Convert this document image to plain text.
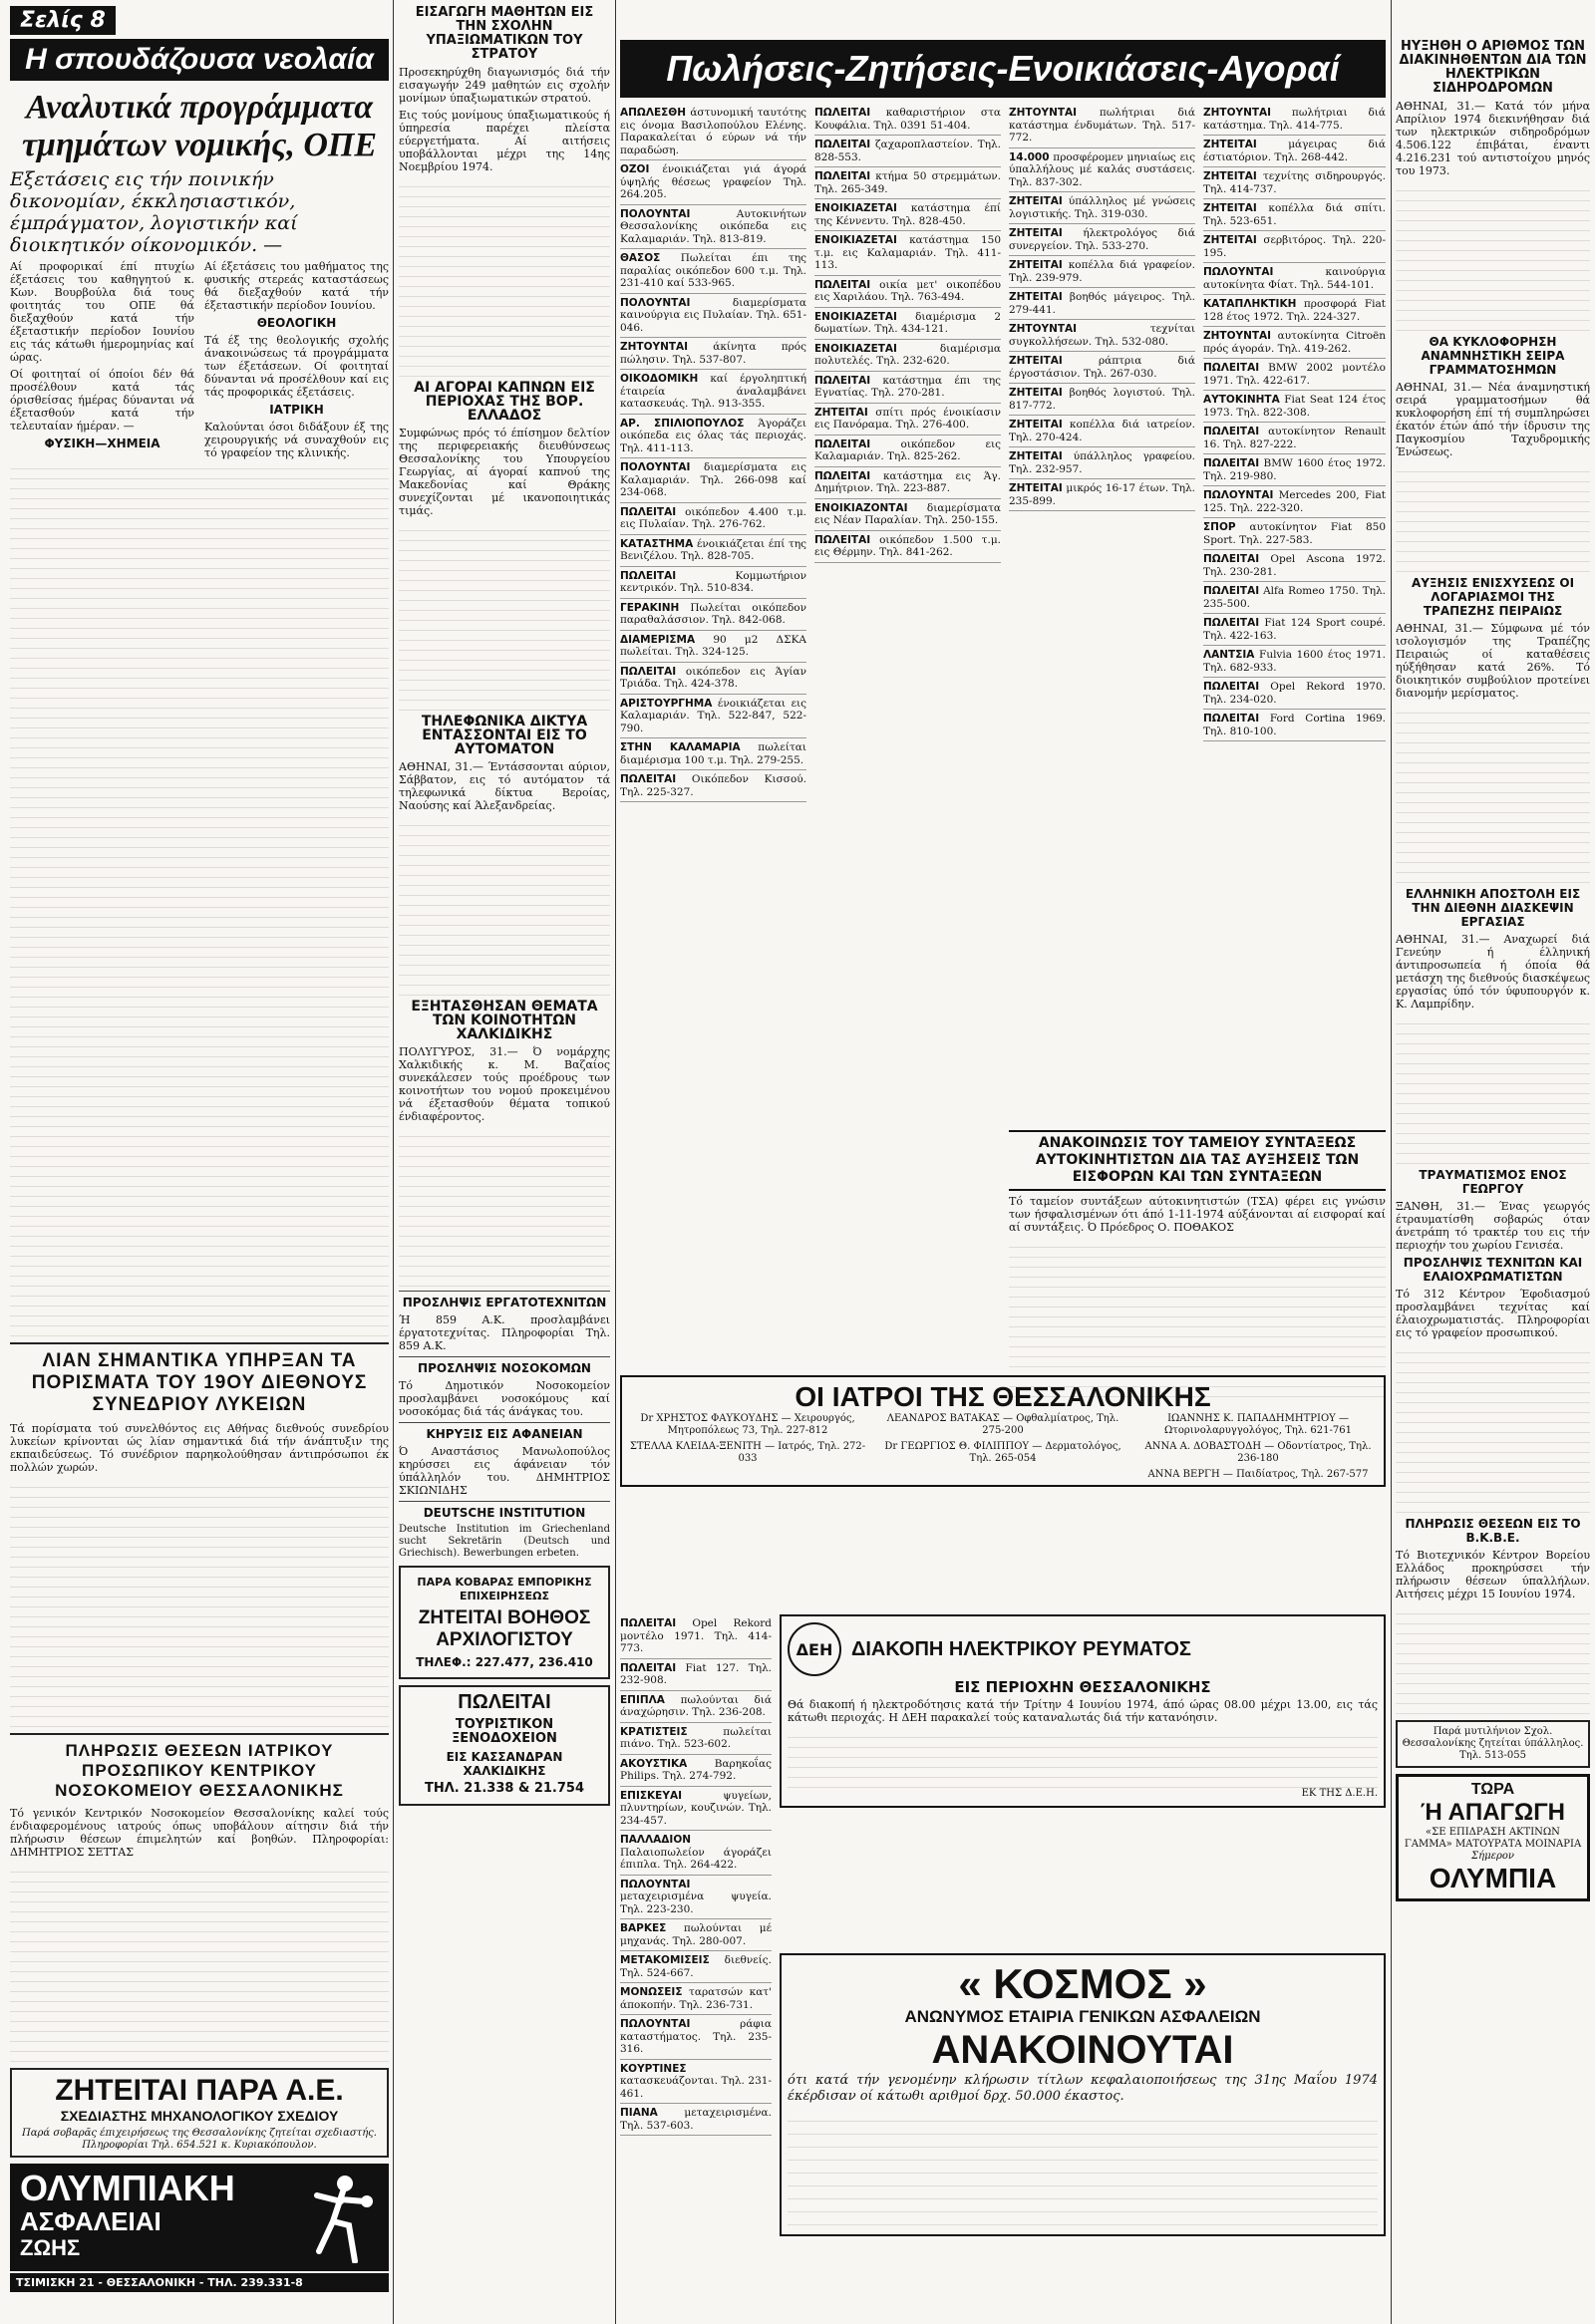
Σελίς 8
Η σπουδάζουσα νεολαία
Αναλυτικά προγράμματα τμημάτων νομικής, ΟΠΕ
Εξετάσεις εις τήν ποινικήν δικονομίαν, έκκλησιαστικόν, έμπράγματον, λογιστικήν καί διοικητικόν οίκονομικόν. —

Αί προφορικαί έπί πτυχίω έξετάσεις του καθηγητού κ. Κων. Βουρβούλα διά τους φοιτητάς του ΟΠΕ θά διεξαχθούν κατά τήν έξεταστικήν περίοδον Ιουνίου εις τάς κάτωθι ήμερομηνίας καί ώρας.

Οί φοιτηταί οί όποίοι δέν θά προσέλθουν κατά τάς όρισθείσας ήμέρας δύνανται νά έξετασθούν κατά τήν τελευταίαν ήμέραν. —

ΦΥΣΙΚΗ—ΧΗΜΕΙΑ

Αί έξετάσεις του μαθήματος της φυσικής στερεάς καταστάσεως θά διεξαχθούν κατά τήν έξεταστικήν περίοδον Ιουνίου.

ΘΕΟΛΟΓΙΚΗ

Τά έξ της θεολογικής σχολής άνακοινώσεως τά προγράμματα των έξετάσεων. Οί φοιτηταί δύνανται νά προσέλθουν καί εις τάς προφορικάς έξετάσεις.

ΙΑΤΡΙΚΗ

Καλούνται όσοι διδάξουν έξ της χειρουργικής νά συναχθούν εις τό γραφείον της κλινικής.

ΛΙΑΝ ΣΗΜΑΝΤΙΚΑ ΥΠΗΡΞΑΝ ΤΑ ΠΟΡΙΣΜΑΤΑ ΤΟΥ 19ΟΥ ΔΙΕΘΝΟΥΣ ΣΥΝΕΔΡΙΟΥ ΛΥΚΕΙΩΝ

Τά πορίσματα τού συνελθόντος εις Αθήνας διεθνούς συνεδρίου λυκείων κρίνονται ώς λίαν σημαντικά διά τήν άνάπτυξιν της εκπαιδεύσεως. Τό συνέδριον παρηκολούθησαν άντιπρόσωποι έκ πολλών χωρών.

ΠΛΗΡΩΣΙΣ ΘΕΣΕΩΝ ΙΑΤΡΙΚΟΥ ΠΡΟΣΩΠΙΚΟΥ ΚΕΝΤΡΙΚΟΥ ΝΟΣΟΚΟΜΕΙΟΥ ΘΕΣΣΑΛΟΝΙΚΗΣ

Τό γενικόν Κεντρικόν Νοσοκομείον Θεσσαλονίκης καλεί τούς ένδιαφερομένους ιατρούς όπως υποβάλουν αίτησιν διά τήν πλήρωσιν θέσεων έπιμελητών καί βοηθών. Πληροφορίαι: ΔΗΜΗΤΡΙΟΣ ΣΕΤΤΑΣ

ΖΗΤΕΙΤΑΙ ΠΑΡΑ Α.Ε.
ΣΧΕΔΙΑΣΤΗΣ ΜΗΧΑΝΟΛΟΓΙΚΟΥ ΣΧΕΔΙΟΥ
Παρά σοβαρᾶς έπιχειρήσεως της Θεσσαλονίκης ζητείται σχεδιαστής. Πληροφορίαι Τηλ. 654.521 κ. Κυριακόπουλον.
ΟΛΥΜΠΙΑΚΗ
ΑΣΦΑΛΕΙΑΙ
ΖΩΗΣ
ΤΣΙΜΙΣΚΗ 21 - ΘΕΣΣΑΛΟΝΙΚΗ - ΤΗΛ. 239.331-8
ΕΙΣΑΓΩΓΗ ΜΑΘΗΤΩΝ ΕΙΣ ΤΗΝ ΣΧΟΛΗΝ ΥΠΑΞΙΩΜΑΤΙΚΩΝ ΤΟΥ ΣΤΡΑΤΟΥ

Προσεκηρύχθη διαγωνισμός διά τήν εισαγωγήν 249 μαθητών εις σχολήν μονίμων ύπαξιωματικών στρατού.

Εις τούς μονίμους ύπαξιωματικούς ή ύπηρεσία παρέχει πλείστα εύεργετήματα. Αί αιτήσεις υποβάλλονται μέχρι της 14ης Νοεμβρίου 1974.

ΑΙ ΑΓΟΡΑΙ ΚΑΠΝΩΝ ΕΙΣ ΠΕΡΙΟΧΑΣ ΤΗΣ ΒΟΡ. ΕΛΛΑΔΟΣ

Συμφώνως πρός τό έπίσημον δελτίον της περιφερειακής διευθύνσεως Θεσσαλονίκης του Υπουργείου Γεωργίας, αί άγοραί καπνού της Μακεδονίας καί Θράκης συνεχίζονται μέ ικανοποιητικάς τιμάς.

ΤΗΛΕΦΩΝΙΚΑ ΔΙΚΤΥΑ ΕΝΤΑΣΣΟΝΤΑΙ ΕΙΣ ΤΟ ΑΥΤΟΜΑΤΟΝ

ΑΘΗΝΑΙ, 31.— Έντάσσονται αύριον, Σάββατον, εις τό αυτόματον τά τηλεφωνικά δίκτυα Βεροίας, Ναούσης καί Άλεξανδρείας.

ΕΞΗΤΑΣΘΗΣΑΝ ΘΕΜΑΤΑ ΤΩΝ ΚΟΙΝΟΤΗΤΩΝ ΧΑΛΚΙΔΙΚΗΣ

ΠΟΛΥΓΥΡΟΣ, 31.— Ό νομάρχης Χαλκιδικής κ. Μ. Βαζαίος συνεκάλεσεν τούς προέδρους των κοινοτήτων του νομού προκειμένου νά έξετασθούν θέματα τοπικού ένδιαφέροντος.

ΠΡΟΣΛΗΨΙΣ ΕΡΓΑΤΟΤΕΧΝΙΤΩΝ

Ή 859 Α.Κ. προσλαμβάνει έργατοτεχνίτας. Πληροφορίαι Τηλ. 859 Α.Κ.

ΠΡΟΣΛΗΨΙΣ ΝΟΣΟΚΟΜΩΝ

Τό Δημοτικόν Νοσοκομείον προσλαμβάνει νοσοκόμους καί νοσοκόμας διά τάς άνάγκας του.

ΚΗΡΥΞΙΣ ΕΙΣ ΑΦΑΝΕΙΑΝ

Ό Αναστάσιος Μανωλοπούλος κηρύσσει εις άφάνειαν τόν ύπάλληλόν του. ΔΗΜΗΤΡΙΟΣ ΣΚΙΩΝΙΔΗΣ

DEUTSCHE INSTITUTION

Deutsche Institution im Griechenland sucht Sekretärin (Deutsch und Griechisch). Bewerbungen erbeten.

ΠΑΡΑ ΚΟΒΑΡΑΣ ΕΜΠΟΡΙΚΗΣ ΕΠΙΧΕΙΡΗΣΕΩΣ
ΖΗΤΕΙΤΑΙ ΒΟΗΘΟΣ ΑΡΧΙΛΟΓΙΣΤΟΥ
ΤΗΛΕΦ.: 227.477, 236.410
ΠΩΛΕΙΤΑΙ
ΤΟΥΡΙΣΤΙΚΟΝ ΞΕΝΟΔΟΧΕΙΟΝ
ΕΙΣ ΚΑΣΣΑΝΔΡΑΝ ΧΑΛΚΙΔΙΚΗΣ
ΤΗΛ. 21.338 & 21.754
Πωλήσεις-Ζητήσεις-Ενοικιάσεις-Αγοραί

ΑΠΩΛΕΣΘΗ άστυνομική ταυτότης εις όνομα Βασιλοπούλου Ελένης. Παρακαλείται ό εύρων νά τήν παραδώση.

ΟΖΟΙ ένοικιάζεται γιά άγορά ύψηλής θέσεως γραφείον Τηλ. 264.205.

ΠΟΛΟΥΝΤΑΙ	Αυτοκινήτων Θεσσαλονίκης οικόπεδα εις Καλαμαριάν. Τηλ. 813-819.

ΘΑΣΟΣ Πωλείται έπι της παραλίας οικόπεδον 600 τ.μ. Τηλ. 231-410 καί 533-965.

ΠΟΛΟΥΝΤΑΙ	διαμερίσματα καινούργια εις Πυλαίαν. Τηλ. 651-046.

ΖΗΤΟΥΝΤΑΙ άκίνητα πρός πώλησιν. Τηλ. 537-807.

ΟΙΚΟΔΟΜΙΚΗ καί έργοληπτική έταιρεία άναλαμβάνει κατασκευάς. Τηλ. 913-355.

ΑΡ. ΣΠΙΛΙΟΠΟΥΛΟΣ Άγοράζει οικόπεδα εις όλας τάς περιοχάς. Τηλ. 411-113.

ΠΟΛΟΥΝΤΑΙ διαμερίσματα εις Καλαμαριάν. Τηλ. 266-098 καί 234-068.

ΠΩΛΕΙΤΑΙ οικόπεδον 4.400 τ.μ. εις Πυλαίαν. Τηλ. 276-762.

ΚΑΤΑΣΤΗΜΑ ένοικιάζεται έπί της Βενιζέλου. Τηλ. 828-705.

ΠΩΛΕΙΤΑΙ	Κομμωτήριον κεντρικόν. Τηλ. 510-834.

ΓΕΡΑΚΙΝΗ Πωλείται οικόπεδον παραθαλάσσιον. Τηλ. 842-068.

ΔΙΑΜΕΡΙΣΜΑ 90 μ2 ΔΣΚΑ πωλείται. Τηλ. 324-125.

ΠΩΛΕΙΤΑΙ οικόπεδον εις Άγίαν Τριάδα. Τηλ. 424-378.

ΑΡΙΣΤΟΥΡΓΗΜΑ ένοικιάζεται εις Καλαμαριάν. Τηλ. 522-847, 522-790.

ΣΤΗΝ ΚΑΛΑΜΑΡΙΑ πωλείται διαμέρισμα 100 τ.μ. Τηλ. 279-255.

ΠΩΛΕΙΤΑΙ Οικόπεδον Κισσού. Τηλ. 225-327.

ΠΩΛΕΙΤΑΙ καθαριστήριον στα Κουφάλια. Τηλ. 0391 51-404.

ΠΩΛΕΙΤΑΙ ζαχαροπλαστείον. Τηλ. 828-553.

ΠΩΛΕΙΤΑΙ κτήμα 50 στρεμμάτων. Τηλ. 265-349.

ΕΝΟΙΚΙΑΖΕΤΑΙ κατάστημα έπί της Κέννεντυ. Τηλ. 828-450.

ΕΝΟΙΚΙΑΖΕΤΑΙ κατάστημα 150 τ.μ. εις Καλαμαριάν. Τηλ. 411-113.

ΠΩΛΕΙΤΑΙ οικία μετ' οικοπέδου εις Χαριλάου. Τηλ. 763-494.

ΕΝΟΙΚΙΑΖΕΤΑΙ διαμέρισμα 2 δωματίων. Τηλ. 434-121.

ΕΝΟΙΚΙΑΖΕΤΑΙ	διαμέρισμα πολυτελές. Τηλ. 232-620.

ΠΩΛΕΙΤΑΙ κατάστημα έπι της Εγνατίας. Τηλ. 270-281.

ΖΗΤΕΙΤΑΙ σπίτι πρός ένοικίασιν εις Πανόραμα. Τηλ. 276-400.

ΠΩΛΕΙΤΑΙ	οικόπεδον εις Καλαμαριάν. Τηλ. 825-262.

ΠΩΛΕΙΤΑΙ κατάστημα εις Άγ. Δημήτριον. Τηλ. 223-887.

ΕΝΟΙΚΙΑΖΟΝΤΑΙ διαμερίσματα εις Νέαν Παραλίαν. Τηλ. 250-155.

ΠΩΛΕΙΤΑΙ οικόπεδον 1.500 τ.μ. εις Θέρμην. Τηλ. 841-262.

ΖΗΤΟΥΝΤΑΙ πωλήτριαι διά κατάστημα ένδυμάτων. Τηλ. 517-772.

14.000 προσφέρομεν μηνιαίως εις ύπαλλήλους μέ καλάς συστάσεις. Τηλ. 837-302.

ΖΗΤΕΙΤΑΙ ύπάλληλος μέ γνώσεις λογιστικής. Τηλ. 319-030.

ΖΗΤΕΙΤΑΙ ήλεκτρολόγος διά συνεργείον. Τηλ. 533-270.

ΖΗΤΕΙΤΑΙ κοπέλλα διά γραφείον. Τηλ. 239-979.

ΖΗΤΕΙΤΑΙ βοηθός μάγειρος. Τηλ. 279-441.

ΖΗΤΟΥΝΤΑΙ	τεχνίται συγκολλήσεων. Τηλ. 532-080.

ΖΗΤΕΙΤΑΙ	ράπτρια διά έργοστάσιον. Τηλ. 267-030.

ΖΗΤΕΙΤΑΙ βοηθός λογιστού. Τηλ. 817-772.

ΖΗΤΕΙΤΑΙ κοπέλλα διά ιατρείον. Τηλ. 270-424.

ΖΗΤΕΙΤΑΙ ύπάλληλος γραφείου. Τηλ. 232-957.

ΖΗΤΕΙΤΑΙ μικρός 16-17 έτων. Τηλ. 235-899.

ΖΗΤΟΥΝΤΑΙ πωλήτριαι διά κατάστημα. Τηλ. 414-775.

ΖΗΤΕΙΤΑΙ	μάγειρας διά έστιατόριον. Τηλ. 268-442.

ΖΗΤΕΙΤΑΙ τεχνίτης σιδηρουργός. Τηλ. 414-737.

ΖΗΤΕΙΤΑΙ κοπέλλα διά σπίτι. Τηλ. 523-651.

ΖΗΤΕΙΤΑΙ σερβιτόρος. Τηλ. 220-195.

ΠΩΛΟΥΝΤΑΙ	καινούργια αυτοκίνητα Φίατ. Τηλ. 544-101.

ΚΑΤΑΠΛΗΚΤΙΚΗ προσφορά Fiat 128 έτος 1972. Τηλ. 224-327.

ΖΗΤΟΥΝΤΑΙ αυτοκίνητα Citroën πρός άγοράν. Τηλ. 419-262.

ΠΩΛΕΙΤΑΙ BMW 2002 μοντέλο 1971. Τηλ. 422-617.

ΑΥΤΟΚΙΝΗΤΑ Fiat Seat 124 έτος 1973. Τηλ. 822-308.

ΠΩΛΕΙΤΑΙ αυτοκίνητον Renault 16. Τηλ. 827-222.

ΠΩΛΕΙΤΑΙ BMW 1600 έτος 1972. Τηλ. 219-980.

ΠΩΛΟΥΝΤΑΙ Mercedes 200, Fiat 125. Τηλ. 222-320.

ΣΠΟΡ αυτοκίνητον Fiat 850 Sport. Τηλ. 227-583.

ΠΩΛΕΙΤΑΙ Opel Ascona 1972. Τηλ. 230-281.

ΠΩΛΕΙΤΑΙ Alfa Romeo 1750. Τηλ. 235-500.

ΠΩΛΕΙΤΑΙ Fiat 124 Sport coupé. Τηλ. 422-163.

ΛΑΝΤΣΙΑ Fulvia 1600 έτος 1971. Τηλ. 682-933.

ΠΩΛΕΙΤΑΙ Opel Rekord 1970. Τηλ. 234-020.

ΠΩΛΕΙΤΑΙ Ford Cortina 1969. Τηλ. 810-100.

ΑΝΑΚΟΙΝΩΣΙΣ ΤΟΥ ΤΑΜΕΙΟΥ ΣΥΝΤΑΞΕΩΣ ΑΥΤΟΚΙΝΗΤΙΣΤΩΝ ΔΙΑ ΤΑΣ ΑΥΞΗΣΕΙΣ ΤΩΝ ΕΙΣΦΟΡΩΝ ΚΑΙ ΤΩΝ ΣΥΝΤΑΞΕΩΝ

Τό ταμείον συντάξεων αύτοκινητιστών (ΤΣΑ) φέρει εις γνώσιν των ήσφαλισμένων ότι άπό 1-11-1974 αύξάνονται αί εισφοραί καί αί συντάξεις. Ό Πρόεδρος Ο. ΠΟΘΑΚΟΣ

ΟΙ ΙΑΤΡΟΙ ΤΗΣ ΘΕΣΣΑΛΟΝΙΚΗΣ

Dr ΧΡΗΣΤΟΣ ΦΑΥΚΟΥΔΗΣ — Χειρουργός, Μητροπόλεως 73, Τηλ. 227-812

ΣΤΕΛΛΑ ΚΛΕΙΔΑ-ΞΕΝΙΤΗ — Ιατρός, Τηλ. 272-033

ΛΕΑΝΔΡΟΣ ΒΑΤΑΚΑΣ — Οφθαλμίατρος, Τηλ. 275-200

Dr ΓΕΩΡΓΙΟΣ Θ. ΦΙΛΙΠΠΟΥ — Δερματολόγος, Τηλ. 265-054

ΙΩΑΝΝΗΣ Κ. ΠΑΠΑΔΗΜΗΤΡΙΟΥ — Ωτορινολαρυγγολόγος, Τηλ. 621-761

ΑΝΝΑ Α. ΔΟΒΑΣΤΟΔΗ — Οδοντίατρος, Τηλ. 236-180

ΑΝΝΑ ΒΕΡΓΗ — Παιδίατρος, Τηλ. 267-577

ΔΕΗ ΔΙΑΚΟΠΗ ΗΛΕΚΤΡΙΚΟΥ ΡΕΥΜΑΤΟΣ
ΕΙΣ ΠΕΡΙΟΧΗΝ ΘΕΣΣΑΛΟΝΙΚΗΣ

Θά διακοπή ή ηλεκτροδότησις κατά τήν Τρίτην 4 Ιουνίου 1974, άπό ώρας 08.00 μέχρι 13.00, εις τάς κάτωθι περιοχάς. Η ΔΕΗ παρακαλεί τούς καταναλωτάς διά τήν κατανόησιν.

ΕΚ ΤΗΣ Δ.Ε.Η.
« ΚΟΣΜΟΣ »
ΑΝΩΝΥΜΟΣ ΕΤΑΙΡΙΑ ΓΕΝΙΚΩΝ ΑΣΦΑΛΕΙΩΝ
ΑΝΑΚΟΙΝΟΥΤΑΙ

ότι κατά τήν γενομένην κλήρωσιν τίτλων κεφαλαιοποιήσεως της 31ης Μαΐου 1974 έκέρδισαν οί κάτωθι αριθμοί δρχ. 50.000 έκαστος.

ΠΩΛΕΙΤΑΙ Opel Rekord μοντέλο 1971. Τηλ. 414-773.

ΠΩΛΕΙΤΑΙ Fiat 127. Τηλ. 232-908.

ΕΠΙΠΛΑ πωλούνται διά άναχώρησιν. Τηλ. 236-208.

ΚΡΑΤΙΣΤΕΙΣ	πωλείται πιάνο. Τηλ. 523-602.

ΑΚΟΥΣΤΙΚΑ	Βαρηκοΐας Philips. Τηλ. 274-792.

ΕΠΙΣΚΕΥΑΙ	ψυγείων, πλυντηρίων, κουζινών. Τηλ. 234-457.

ΠΑΛΛΑΔΙΟΝ Παλαιοπωλείον άγοράζει έπιπλα. Τηλ. 264-422.

ΠΩΛΟΥΝΤΑΙ μεταχειρισμένα ψυγεία. Τηλ. 223-230.

ΒΑΡΚΕΣ πωλούνται μέ μηχανάς. Τηλ. 280-007.

ΜΕΤΑΚΟΜΙΣΕΙΣ διεθνείς. Τηλ. 524-667.

ΜΟΝΩΣΕΙΣ ταρατσών κατ' άποκοπήν. Τηλ. 236-731.

ΠΩΛΟΥΝΤΑΙ	ράφια καταστήματος. Τηλ. 235-316.

ΚΟΥΡΤΙΝΕΣ κατασκευάζονται. Τηλ. 231-461.

ΠΙΑΝΑ	μεταχειρισμένα. Τηλ. 537-603.

ΗΥΞΗΘΗ Ο ΑΡΙΘΜΟΣ ΤΩΝ ΔΙΑΚΙΝΗΘΕΝΤΩΝ ΔΙΑ ΤΩΝ ΗΛΕΚΤΡΙΚΩΝ ΣΙΔΗΡΟΔΡΟΜΩΝ

ΑΘΗΝΑΙ, 31.— Κατά τόν μήνα Απρίλιον 1974 διεκινήθησαν διά των ηλεκτρικών σιδηροδρόμων 4.506.122 έπιβάται, έναντι 4.216.231 τού αντιστοίχου μηνός του 1973.

ΘΑ ΚΥΚΛΟΦΟΡΗΣΗ ΑΝΑΜΝΗΣΤΙΚΗ ΣΕΙΡΑ ΓΡΑΜΜΑΤΟΣΗΜΩΝ

ΑΘΗΝΑΙ, 31.— Νέα άναμνηστική σειρά γραμματοσήμων θά κυκλοφορήση έπί τή συμπληρώσει έκατόν έτών άπό τήν ίδρυσιν της Παγκοσμίου Ταχυδρομικής Ένώσεως.

ΑΥΞΗΣΙΣ ΕΝΙΣΧΥΣΕΩΣ ΟΙ ΛΟΓΑΡΙΑΣΜΟΙ ΤΗΣ ΤΡΑΠΕΖΗΣ ΠΕΙΡΑΙΩΣ

ΑΘΗΝΑΙ, 31.— Σύμφωνα μέ τόν ισολογισμόν της Τραπέζης Πειραιώς οί καταθέσεις ηύξήθησαν κατά 26%. Τό διοικητικόν συμβούλιον προτείνει διανομήν μερίσματος.

ΕΛΛΗΝΙΚΗ ΑΠΟΣΤΟΛΗ ΕΙΣ ΤΗΝ ΔΙΕΘΝΗ ΔΙΑΣΚΕΨΙΝ ΕΡΓΑΣΙΑΣ

ΑΘΗΝΑΙ, 31.— Αναχωρεί διά Γενεύην ή έλληνική άντιπροσωπεία ή όποία θά μετάσχη της διεθνούς διασκέψεως εργασίας ύπό τόν ύφυπουργόν κ. Κ. Λαμπρίδην.

ΤΡΑΥΜΑΤΙΣΜΟΣ ΕΝΟΣ ΓΕΩΡΓΟΥ

ΞΑΝΘΗ, 31.— Ένας γεωργός έτραυματίσθη σοβαρώς όταν άνετράπη τό τρακτέρ του εις τήν περιοχήν του χωρίου Γενισέα.

ΠΡΟΣΛΗΨΙΣ ΤΕΧΝΙΤΩΝ ΚΑΙ ΕΛΑΙΟΧΡΩΜΑΤΙΣΤΩΝ

Τό 312 Κέντρον Έφοδιασμού προσλαμβάνει τεχνίτας καί έλαιοχρωματιστάς. Πληροφορίαι εις τό γραφείον προσωπικού.

ΠΛΗΡΩΣΙΣ ΘΕΣΕΩΝ ΕΙΣ ΤΟ Β.Κ.Β.Ε.

Τό Βιοτεχνικόν Κέντρον Βορείου Ελλάδος προκηρύσσει τήν πλήρωσιν θέσεων ύπαλλήλων. Αιτήσεις μέχρι 15 Ιουνίου 1974.

Παρά μυτιλήνιον Σχολ. Θεσσαλονίκης ζητείται ύπάλληλος. Τηλ. 513-055
ΤΩΡΑ
Ή ΑΠΑΓΩΓΗ
«ΣΕ ΕΠΙΔΡΑΣΗ ΑΚΤΙΝΩΝ ΓΑΜΜΑ» ΜΑΤΟΥΡΑΤΑ ΜΟΙΝΑΡΙΑ
Σήμερον
ΟΛΥΜΠΙΑ
